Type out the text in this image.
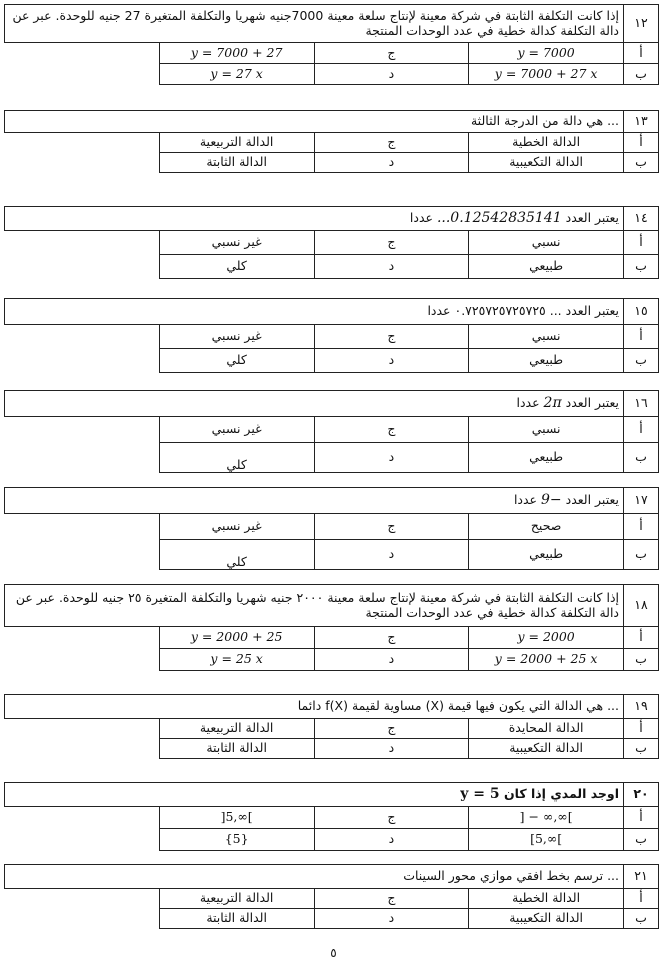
١٢	إذا كانت التكلفة الثابتة في شركة معينة لإنتاج سلعة معينة 7000جنيه شهريا والتكلفة المتغيرة 27 جنيه للوحدة. عبر عن دالة التكلفة كدالة خطية في عدد الوحدات المنتجة		
أ	y = 7000	ج	y = 7000 + 27
ب	y = 7000 + 27 x	د	y = 27 x
١٣	... هي دالة من الدرجة الثالثة		
أ	الدالة الخطية	ج	الدالة التربيعية
ب	الدالة التكعيبية	د	الدالة الثابتة
١٤	يعتبر العدد ...0.12542835141 عددا		
أ	نسبي	ج	غير نسبي
ب	طبيعي	د	كلي
١٥	يعتبر العدد ... ٠.٧٢٥٧٢٥٧٢٥٧٢٥ عددا		
أ	نسبي	ج	غير نسبي
ب	طبيعي	د	كلي
١٦	يعتبر العدد 2π عددا		
أ	نسبي	ج	غير نسبي
ب	طبيعي	د	كلي
١٧	يعتبر العدد 9− عددا		
أ	صحيح	ج	غير نسبي
ب	طبيعي	د	كلي
١٨	إذا كانت التكلفة الثابتة في شركة معينة لإنتاج سلعة معينة ٢٠٠٠ جنيه شهريا والتكلفة المتغيرة ٢٥ جنيه للوحدة. عبر عن دالة التكلفة كدالة خطية في عدد الوحدات المنتجة		
أ	y = 2000	ج	y = 2000 + 25
ب	y = 2000 + 25 x	د	y = 25 x
١٩	... هي الدالة التي يكون فيها قيمة (X) مساوية لقيمة f(X) دائما		
أ	الدالة المحايدة	ج	الدالة التربيعية
ب	الدالة التكعيبية	د	الدالة الثابتة
٢٠	اوجد المدي إذا كان y = 5		
أ	] − ∞,∞[	ج	]5,∞[
ب	[5,∞[	د	{5}
٢١	... ترسم بخط افقي موازي محور السينات		
أ	الدالة الخطية	ج	الدالة التربيعية
ب	الدالة التكعيبية	د	الدالة الثابتة
٥
